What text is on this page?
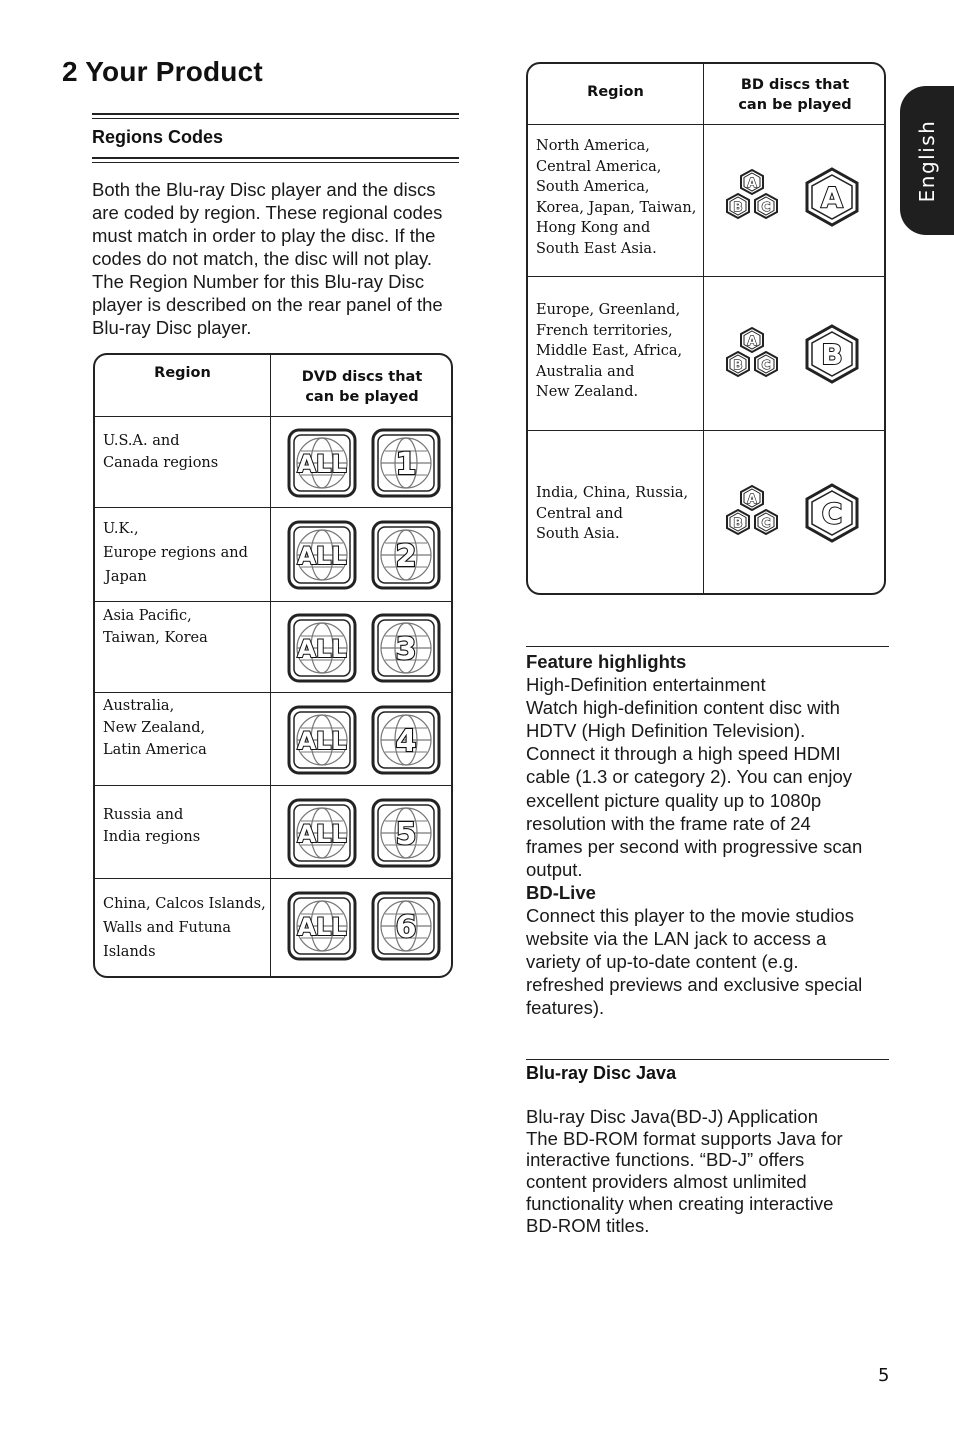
2 Your Product
Regions Codes

Both the Blu-ray Disc player and the discs

are coded by region. These regional codes

must match in order to play the disc. If the

codes do not match, the disc will not play.

The Region Number for this Blu-ray Disc

player is described on the rear panel of the

Blu-ray Disc player.

Region	DVD discs that
can be played
U.S.A. and
Canada regions
U.K.,
Europe regions and
Japan
Asia Pacific,
Taiwan, Korea
Australia,
New Zealand,
Latin America
Russia and
India regions
China, Calcos Islands,
Walls and Futuna
Islands
ALL 1
ALL 2
ALL 3
ALL 4
ALL 5
ALL 6
Region	BD discs that
can be played
North America,
Central America,
South America,
Korea, Japan, Taiwan,
Hong Kong and
South East Asia.
Europe, Greenland,
French territories,
Middle East, Africa,
Australia and
New Zealand.
India, China, Russia,
Central and
South Asia.
A
B C A
A
B C B
A
B C C

Feature highlights

High-Definition entertainment

Watch high-definition content disc with

HDTV (High Definition Television).

Connect it through a high speed HDMI

cable (1.3 or category 2). You can enjoy

excellent picture quality up to 1080p

resolution with the frame rate of 24

frames per second with progressive scan

output.

BD-Live

Connect this player to the movie studios

website via the LAN jack to access a

variety of up-to-date content (e.g.

refreshed previews and exclusive special

features).

Blu-ray Disc Java

Blu-ray Disc Java(BD-J) Application

The BD-ROM format supports Java for

interactive functions. “BD-J” offers

content providers almost unlimited

functionality when creating interactive

BD-ROM titles.

English
5
